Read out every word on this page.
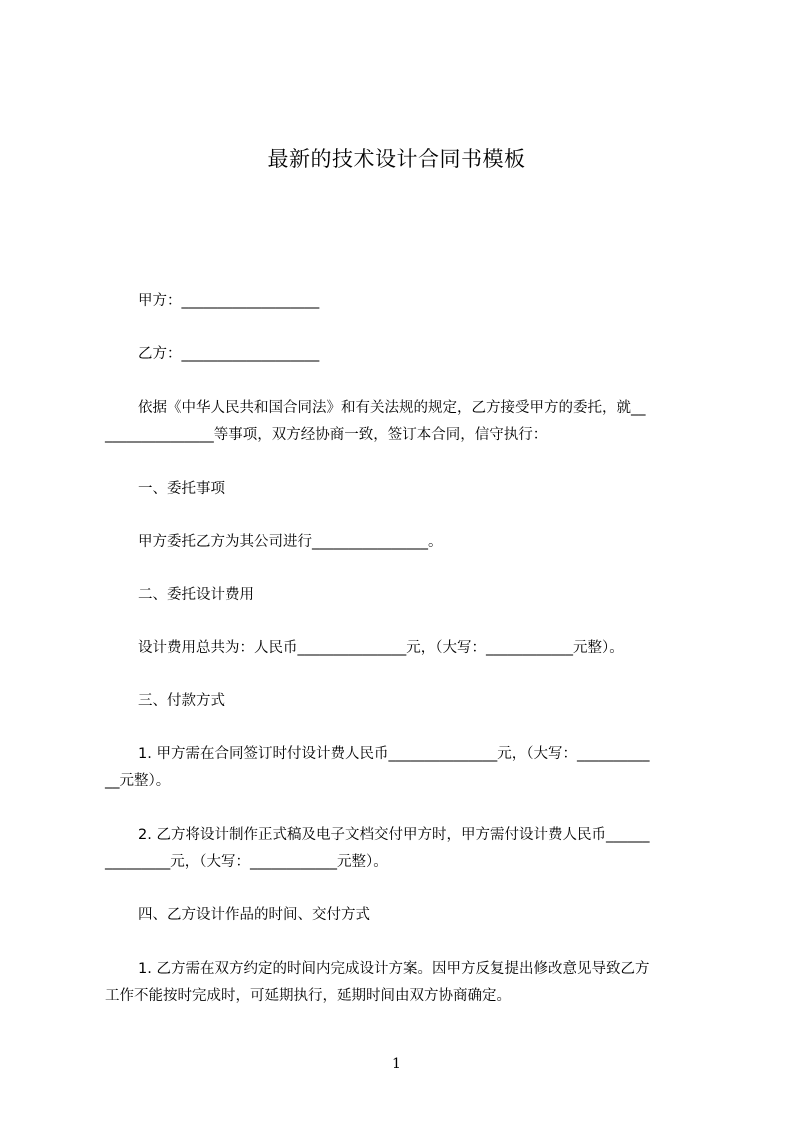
最新的技术设计合同书模板
甲方：___________________
乙方：___________________
依据《中华人民共和国合同法》和有关法规的规定，乙方接受甲方的委托，就__
_______________等事项，双方经协商一致，签订本合同，信守执行：
一、委托事项
甲方委托乙方为其公司进行________________。
二、委托设计费用
设计费用总共为：人民币_______________元，（大写：____________元整）。
三、付款方式
1. 甲方需在合同签订时付设计费人民币_______________元，（大写：__________
__元整）。
2. 乙方将设计制作正式稿及电子文档交付甲方时，甲方需付设计费人民币______
_________元，（大写：____________元整）。
四、乙方设计作品的时间、交付方式
1. 乙方需在双方约定的时间内完成设计方案。因甲方反复提出修改意见导致乙方
工作不能按时完成时，可延期执行，延期时间由双方协商确定。
1
